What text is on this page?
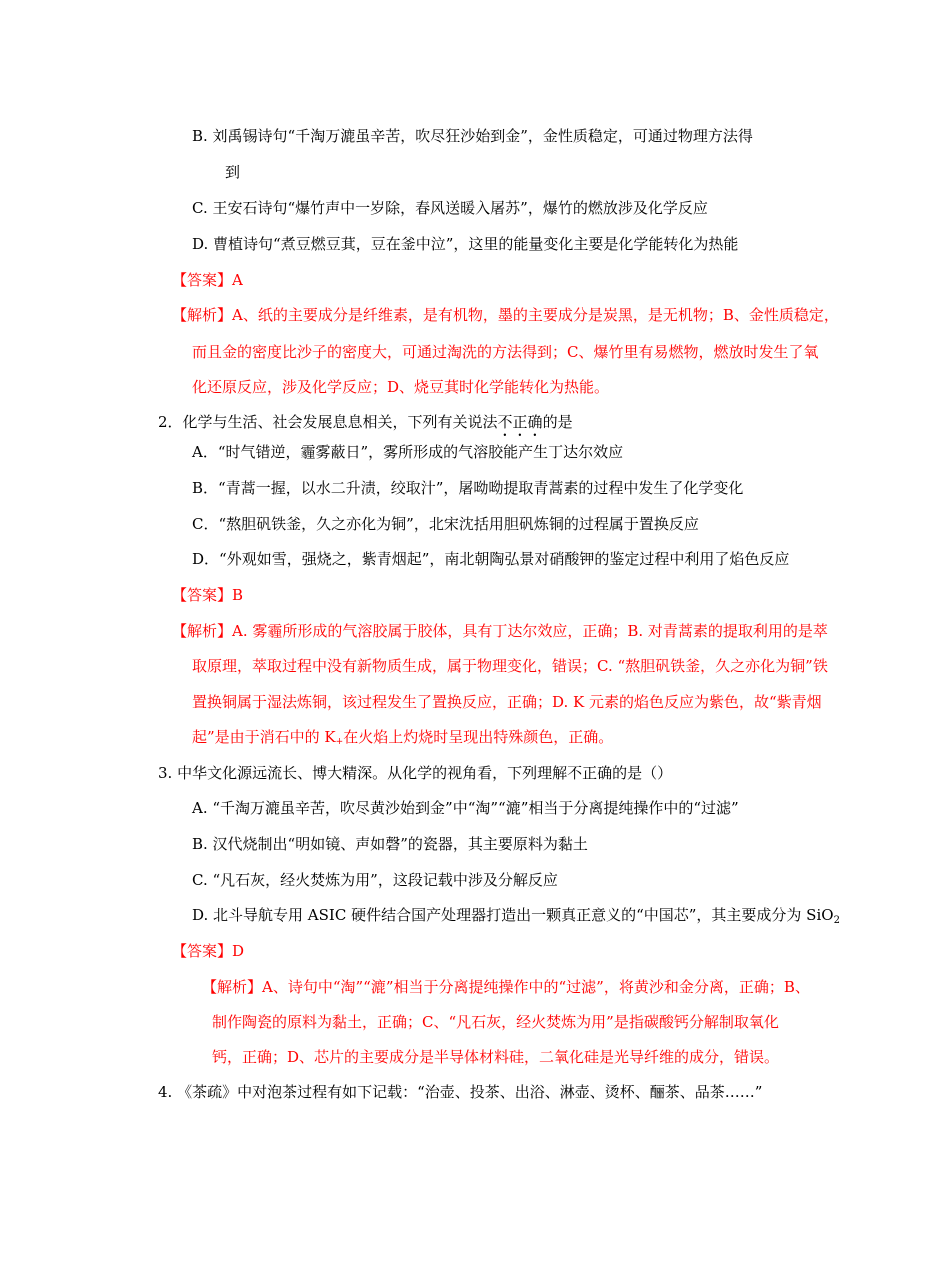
B. 刘禹锡诗句“千淘万漉虽辛苦，吹尽狂沙始到金”，金性质稳定，可通过物理方法得
到
C. 王安石诗句“爆竹声中一岁除，春风送暖入屠苏”，爆竹的燃放涉及化学反应
D. 曹植诗句“煮豆燃豆萁，豆在釜中泣”，这里的能量变化主要是化学能转化为热能
【答案】A
【解析】A、纸的主要成分是纤维素，是有机物，墨的主要成分是炭黑，是无机物；B、金性质稳定，
而且金的密度比沙子的密度大，可通过淘洗的方法得到；C、爆竹里有易燃物，燃放时发生了氧
化还原反应，涉及化学反应；D、烧豆萁时化学能转化为热能。
2．化学与生活、社会发展息息相关，下列有关说法不正确的是
A．“时气错逆，霾雾蔽日”，雾所形成的气溶胶能产生丁达尔效应
B．“青蒿一握，以水二升渍，绞取汁”，屠呦呦提取青蒿素的过程中发生了化学变化
C．“熬胆矾铁釜，久之亦化为铜”，北宋沈括用胆矾炼铜的过程属于置换反应
D．“外观如雪，强烧之，紫青烟起”，南北朝陶弘景对硝酸钾的鉴定过程中利用了焰色反应
【答案】B
【解析】A. 雾霾所形成的气溶胶属于胶体，具有丁达尔效应，正确；B. 对青蒿素的提取利用的是萃
取原理，萃取过程中没有新物质生成，属于物理变化，错误；C. “熬胆矾铁釜，久之亦化为铜”铁
置换铜属于湿法炼铜，该过程发生了置换反应，正确；D. K 元素的焰色反应为紫色，故“紫青烟
起”是由于消石中的 K+在火焰上灼烧时呈现出特殊颜色，正确。
3. 中华文化源远流长、博大精深。从化学的视角看，下列理解不正确的是（）
A. “千淘万漉虽辛苦，吹尽黄沙始到金”中“淘”“漉”相当于分离提纯操作中的“过滤”
B. 汉代烧制出“明如镜、声如磬”的瓷器，其主要原料为黏土
C. “凡石灰，经火焚炼为用”，这段记载中涉及分解反应
D. 北斗导航专用 ASIC 硬件结合国产处理器打造出一颗真正意义的“中国芯”，其主要成分为 SiO$_2$
【答案】D
【解析】A、诗句中“淘”“漉”相当于分离提纯操作中的“过滤”，将黄沙和金分离，正确；B、
制作陶瓷的原料为黏土，正确；C、“凡石灰，经火焚炼为用”是指碳酸钙分解制取氧化
钙，正确；D、芯片的主要成分是半导体材料硅，二氧化硅是光导纤维的成分，错误。
4. 《茶疏》中对泡茶过程有如下记载：“治壶、投茶、出浴、淋壶、烫杯、酾茶、品茶……”
